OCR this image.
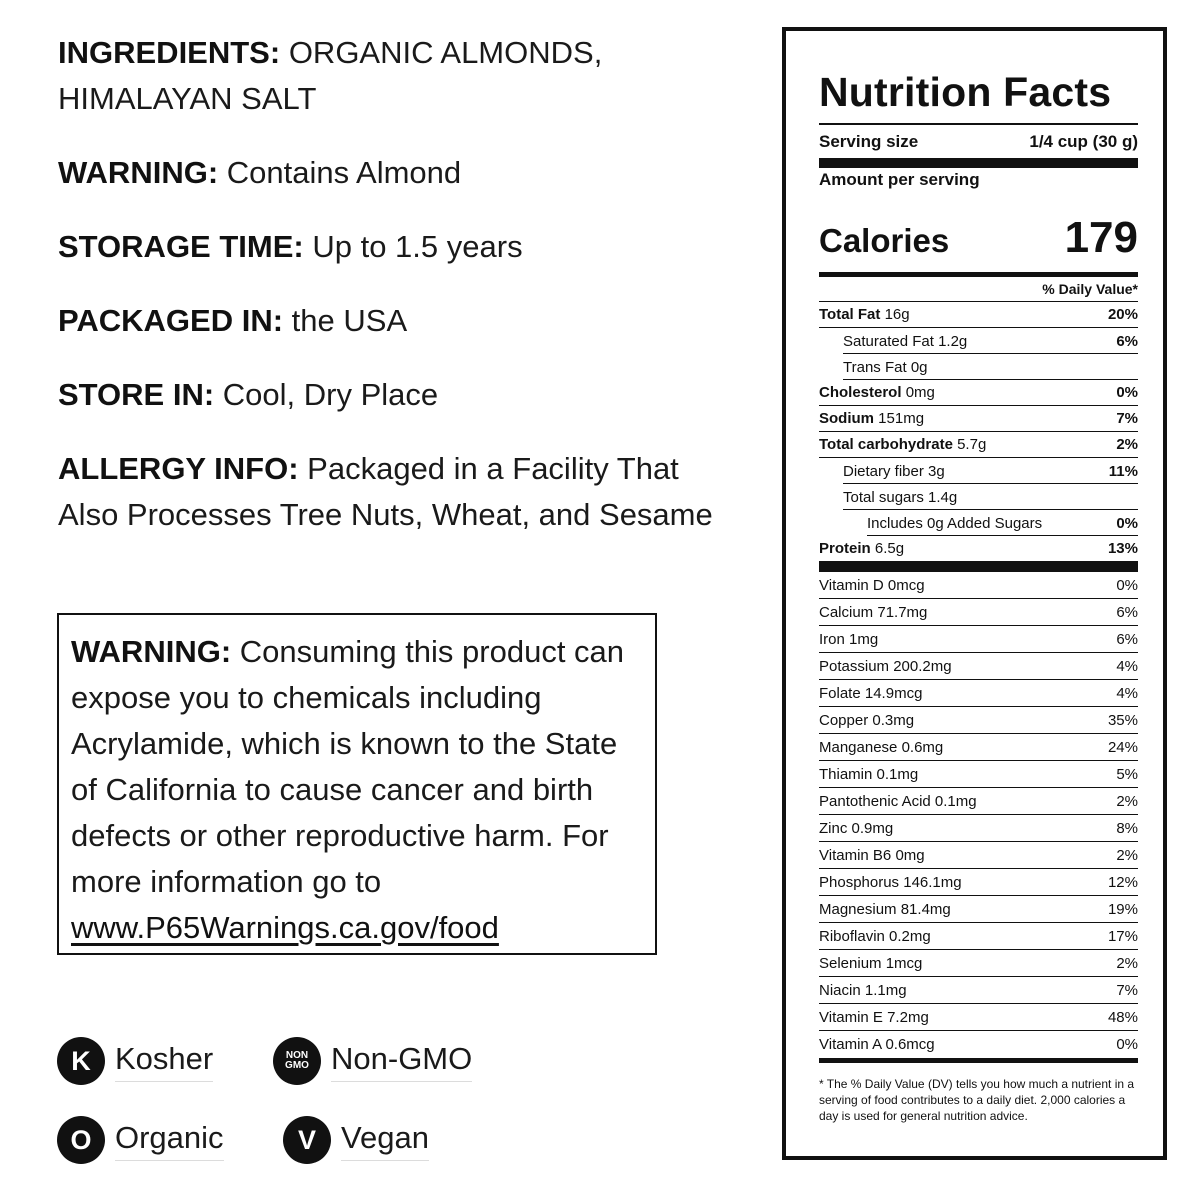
INGREDIENTS: ORGANIC ALMONDS, HIMALAYAN SALT

WARNING: Contains Almond

STORAGE TIME: Up to 1.5 years

PACKAGED IN: the USA

STORE IN: Cool, Dry Place

ALLERGY INFO: Packaged in a Facility That Also Processes Tree Nuts, Wheat, and Sesame

WARNING: Consuming this product can expose you to chemicals including Acrylamide, which is known to the State of California to cause cancer and birth defects or other reproductive harm. For more information go to www.P65Warnings.ca.gov/food
K Kosher	NON
GMO Non-GMO
O Organic	V Vegan
Nutrition Facts
Serving size	1/4 cup (30 g)
Amount per serving
Calories	179
% Daily Value*
Total Fat 16g	20%
Saturated Fat 1.2g	6%
Trans Fat 0g
Cholesterol 0mg	0%
Sodium 151mg	7%
Total carbohydrate 5.7g	2%
Dietary fiber 3g	11%
Total sugars 1.4g
Includes 0g Added Sugars	0%
Protein 6.5g	13%
Vitamin D 0mcg	0%
Calcium 71.7mg	6%
Iron 1mg	6%
Potassium 200.2mg	4%
Folate 14.9mcg	4%
Copper 0.3mg	35%
Manganese 0.6mg	24%
Thiamin 0.1mg	5%
Pantothenic Acid 0.1mg	2%
Zinc 0.9mg	8%
Vitamin B6 0mg	2%
Phosphorus 146.1mg	12%
Magnesium 81.4mg	19%
Riboflavin 0.2mg	17%
Selenium 1mcg	2%
Niacin 1.1mg	7%
Vitamin E 7.2mg	48%
Vitamin A 0.6mcg	0%
* The % Daily Value (DV) tells you how much a nutrient in a serving of food contributes to a daily diet. 2,000 calories a day is used for general nutrition advice.
